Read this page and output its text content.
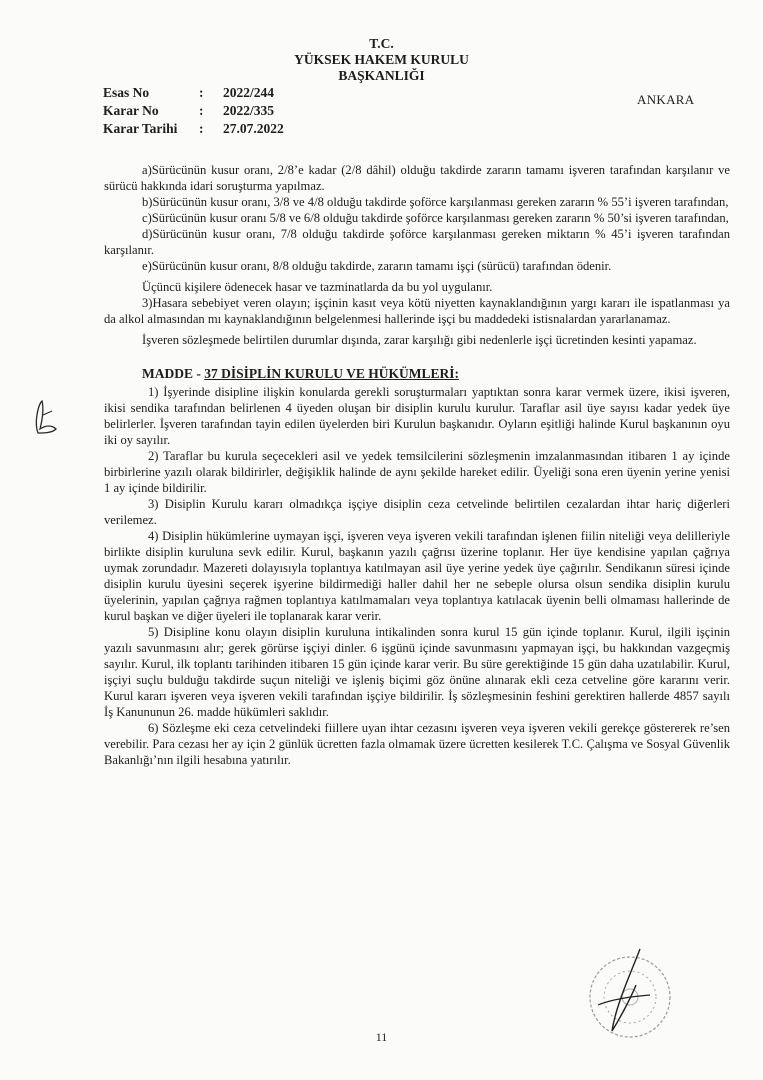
T.C.
YÜKSEK HAKEM KURULU
BAŞKANLIĞI
Esas No	:	2022/244
Karar No	:	2022/335
Karar Tarihi	:	27.07.2022
ANKARA

a)Sürücünün kusur oranı, 2/8’e kadar (2/8 dâhil) olduğu takdirde zararın tamamı işveren tarafından karşılanır ve sürücü hakkında idari soruşturma yapılmaz.

b)Sürücünün kusur oranı, 3/8 ve 4/8 olduğu takdirde şoförce karşılanması gereken zararın % 55’i işveren tarafından,

c)Sürücünün kusur oranı 5/8 ve 6/8 olduğu takdirde şoförce karşılanması gereken zararın % 50’si işveren tarafından,

d)Sürücünün kusur oranı, 7/8 olduğu takdirde şoförce karşılanması gereken miktarın % 45’i işveren tarafından karşılanır.

e)Sürücünün kusur oranı, 8/8 olduğu takdirde, zararın tamamı işçi (sürücü) tarafından ödenir.

Üçüncü kişilere ödenecek hasar ve tazminatlarda da bu yol uygulanır.

3)Hasara sebebiyet veren olayın; işçinin kasıt veya kötü niyetten kaynaklandığının yargı kararı ile ispatlanması ya da alkol almasından mı kaynaklandığının belgelenmesi hallerinde işçi bu maddedeki istisnalardan yararlanamaz.

İşveren sözleşmede belirtilen durumlar dışında, zarar karşılığı gibi nedenlerle işçi ücretinden kesinti yapamaz.

MADDE - 37 DİSİPLİN KURULU VE HÜKÜMLERİ:

1) İşyerinde disipline ilişkin konularda gerekli soruşturmaları yaptıktan sonra karar vermek üzere, ikisi işveren, ikisi sendika tarafından belirlenen 4 üyeden oluşan bir disiplin kurulu kurulur. Taraflar asil üye sayısı kadar yedek üye belirlerler. İşveren tarafından tayin edilen üyelerden biri Kurulun başkanıdır. Oyların eşitliği halinde Kurul başkanının oyu iki oy sayılır.

2) Taraflar bu kurula seçecekleri asil ve yedek temsilcilerini sözleşmenin imzalanmasından itibaren 1 ay içinde birbirlerine yazılı olarak bildirirler, değişiklik halinde de aynı şekilde hareket edilir. Üyeliği sona eren üyenin yerine yenisi 1 ay içinde bildirilir.

3) Disiplin Kurulu kararı olmadıkça işçiye disiplin ceza cetvelinde belirtilen cezalardan ihtar hariç diğerleri verilemez.

4) Disiplin hükümlerine uymayan işçi, işveren veya işveren vekili tarafından işlenen fiilin niteliği veya delilleriyle birlikte disiplin kuruluna sevk edilir. Kurul, başkanın yazılı çağrısı üzerine toplanır. Her üye kendisine yapılan çağrıya uymak zorundadır. Mazereti dolayısıyla toplantıya katılmayan asil üye yerine yedek üye çağırılır. Sendikanın süresi içinde disiplin kurulu üyesini seçerek işyerine bildirmediği haller dahil her ne sebeple olursa olsun sendika disiplin kurulu üyelerinin, yapılan çağrıya rağmen toplantıya katılmamaları veya toplantıya katılacak üyenin belli olmaması hallerinde de kurul başkan ve diğer üyeleri ile toplanarak karar verir.

5) Disipline konu olayın disiplin kuruluna intikalinden sonra kurul 15 gün içinde toplanır. Kurul, ilgili işçinin yazılı savunmasını alır; gerek görürse işçiyi dinler. 6 işgünü içinde savunmasını yapmayan işçi, bu hakkından vazgeçmiş sayılır. Kurul, ilk toplantı tarihinden itibaren 15 gün içinde karar verir. Bu süre gerektiğinde 15 gün daha uzatılabilir. Kurul, işçiyi suçlu bulduğu takdirde suçun niteliği ve işleniş biçimi göz önüne alınarak ekli ceza cetveline göre kararını verir. Kurul kararı işveren veya işveren vekili tarafından işçiye bildirilir. İş sözleşmesinin feshini gerektiren hallerde 4857 sayılı İş Kanununun 26. madde hükümleri saklıdır.

6) Sözleşme eki ceza cetvelindeki fiillere uyan ihtar cezasını işveren veya işveren vekili gerekçe göstererek re’sen verebilir. Para cezası her ay için 2 günlük ücretten fazla olmamak üzere ücretten kesilerek T.C. Çalışma ve Sosyal Güvenlik Bakanlığı’nın ilgili hesabına yatırılır.

11
